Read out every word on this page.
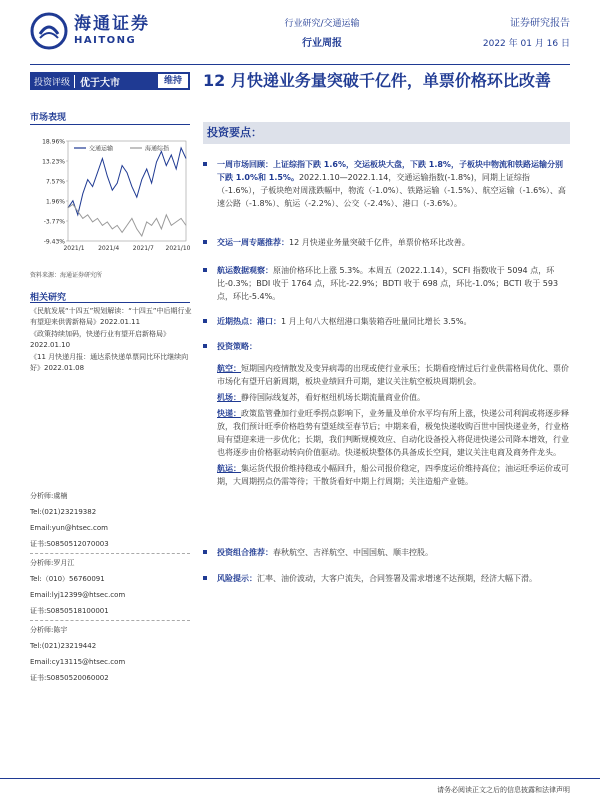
海通证券
HAITONG
行业研究/交通运输
行业周报
证券研究报告
2022 年 01 月 16 日
投资评级	优于大市	维持	12 月快递业务量突破千亿件，单票价格环比改善
市场表现
18.96%
13.23%
7.57%
1.96%
-3.77%
-9.43%
2021/1 2021/4 2021/7 2021/10
交通运输	海通综指
资料来源：海通证券研究所
相关研究
《民航发展“十四五”规划解读：“十四五”中后期行业有望迎来供需新格局》2022.01.11
《政策持续加码，快递行业有望开启新格局》2022.01.10
《11 月快递月报：通达系快递单票同比环比继续向好》2022.01.08
分析师:虞楠
Tel:(021)23219382
Email:yun@htsec.com
证书:S0850512070003
分析师:罗月江
Tel:（010）56760091
Email:lyj12399@htsec.com
证书:S0850518100001
分析师:陈宇
Tel:(021)23219442
Email:cy13115@htsec.com
证书:S0850520060002
投资要点：
一周市场回顾：上证综指下跌 1.6%，交运板块大盘，下跌 1.8%，子板块中物流和铁路运输分别下跌 1.0%和 1.5%。2022.1.10—2022.1.14，交通运输指数(-1.8%)，同期上证综指（-1.6%），子板块绝对周涨跌幅中，物流（-1.0%）、铁路运输（-1.5%）、航空运输（-1.6%）、高速公路（-1.8%）、航运（-2.2%）、公交（-2.4%）、港口（-3.6%）。
交运一周专题推荐：12 月快递业务量突破千亿件，单票价格环比改善。
航运数据观察：原油价格环比上涨 5.3%。本周五（2022.1.14），SCFI 指数收于 5094 点，环比-0.3%；BDI 收于 1764 点，环比-22.9%；BDTI 收于 698 点，环比-1.0%；BCTI 收于 593 点，环比-5.4%。
近期热点：港口：1 月上旬八大枢纽港口集装箱吞吐量同比增长 3.5%。
投资策略：
航空：短期国内疫情散发及变异病毒的出现或使行业承压；长期看疫情过后行业供需格局优化、票价市场化有望开启新周期，板块业绩回升可期，建议关注航空板块周期机会。
机场：静待国际线复苏，看好枢纽机场长期流量商业价值。
快递：政策监管叠加行业旺季拐点影响下，业务量及单价水平均有所上涨，快递公司利润或将逐步释放，我们预计旺季价格趋势有望延续至春节后；中期来看，极兔快递收购百世中国快递业务，行业格局有望迎来进一步优化；长期，我们判断规模效应、自动化设备投入将促进快递公司降本增效，行业也将逐步由价格驱动转向价值驱动。快递板块整体仍具备成长空间，建议关注电商及商务件龙头。
航运：集运货代报价维持稳或小幅回升，船公司报价稳定，四季度运价维持高位；油运旺季运价或可期，大周期拐点仍需等待；干散货看好中期上行周期；关注造船产业链。
投资组合推荐：春秋航空、吉祥航空、中国国航、顺丰控股。
风险提示：汇率、油价波动，大客户流失，合同签署及需求增速不达预期，经济大幅下滑。
请务必阅读正文之后的信息披露和法律声明
